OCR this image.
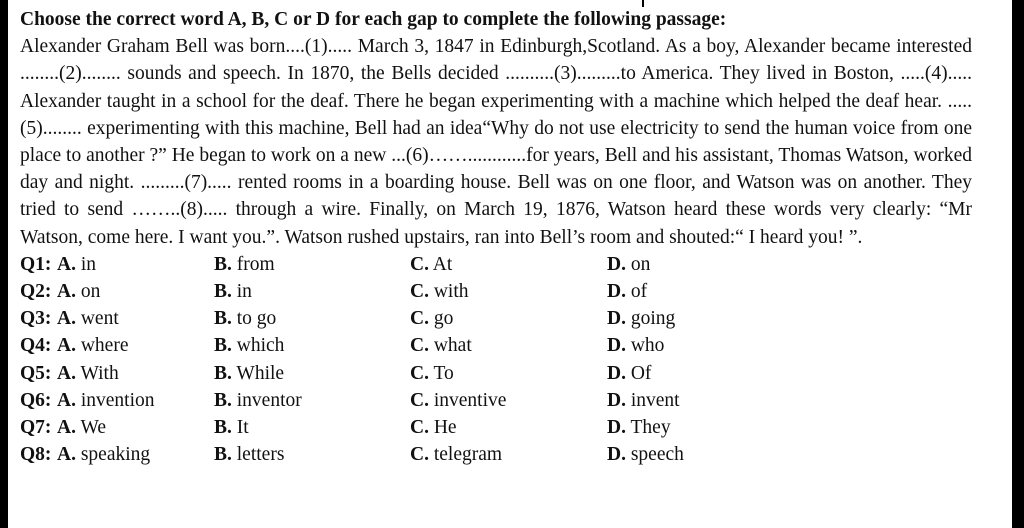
Choose the correct word A, B, C or D for each gap to complete the following passage:

Alexander Graham Bell was born....(1)..... March 3, 1847 in Edinburgh,Scotland. As a boy, Alexander became interested ........(2)........ sounds and speech. In 1870, the Bells decided ..........(3).........to America. They lived in Boston, .....(4)..... Alexander taught in a school for the deaf. There he began experimenting with a machine which helped the deaf hear. .....(5)........ experimenting with this machine, Bell had an idea“Why do not use electricity to send the human voice from one place to another ?” He began to work on a new ...(6)……............for years, Bell and his assistant, Thomas Watson, worked day and night. .........(7)..... rented rooms in a boarding house. Bell was on one floor, and Watson was on another. They tried to send ……..(8)..... through a wire. Finally, on March 19, 1876, Watson heard these words very clearly: “Mr Watson, come here. I want you.”. Watson rushed upstairs, ran into Bell’s room and shouted:“ I heard you! ”.

Q1: A. in	B. from	C. At	D. on
Q2: A. on	B. in	C. with	D. of
Q3: A. went	B. to go	C. go	D. going
Q4: A. where	B. which	C. what	D. who
Q5: A. With	B. While	C. To	D. Of
Q6: A. invention	B. inventor	C. inventive	D. invent
Q7: A. We	B. It	C. He	D. They
Q8: A. speaking	B. letters	C. telegram	D. speech
